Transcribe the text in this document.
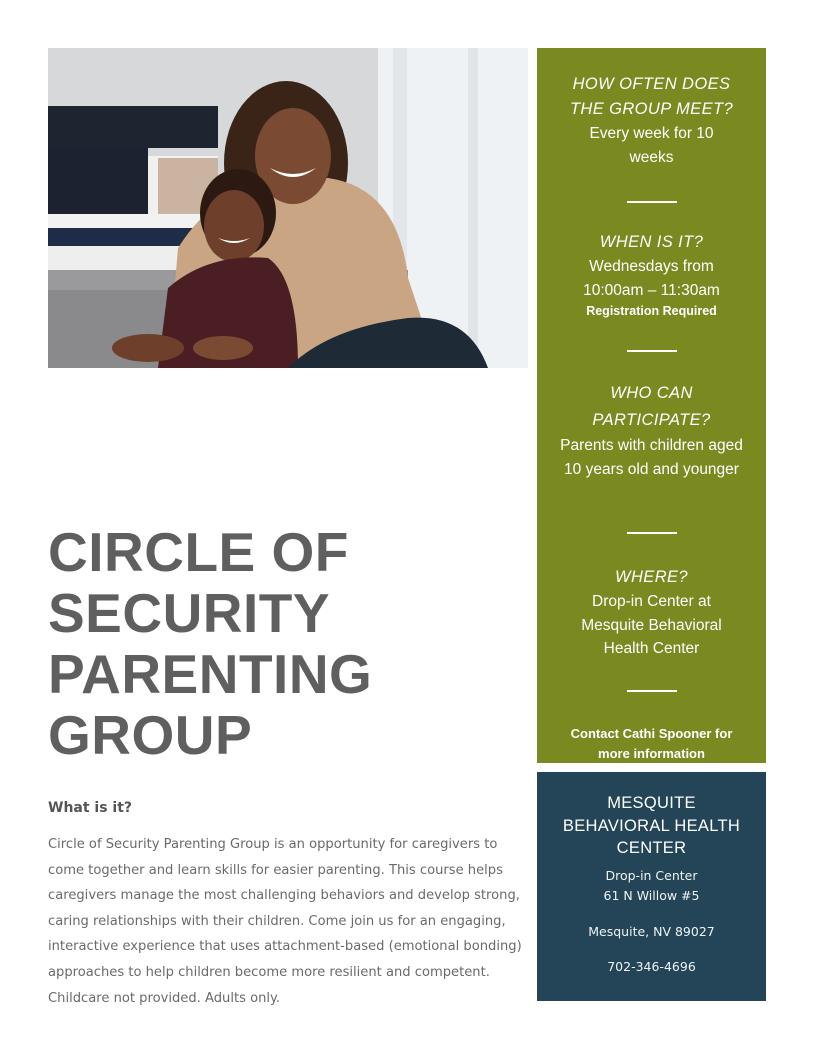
CIRCLE OF
SECURITY
PARENTING
GROUP
What is it?

Circle of Security Parenting Group is an opportunity for caregivers to come together and learn skills for easier parenting. This course helps caregivers manage the most challenging behaviors and develop strong, caring relationships with their children. Come join us for an engaging, interactive experience that uses attachment-based (emotional bonding) approaches to help children become more resilient and competent. Childcare not provided. Adults only.

HOW OFTEN DOES THE GROUP MEET?
Every week for 10 weeks
WHEN IS IT?
Wednesdays from 10:00am – 11:30am
Registration Required
WHO CAN PARTICIPATE?
Parents with children aged 10 years old and younger
WHERE?
Drop-in Center at Mesquite Behavioral Health Center
Contact Cathi Spooner for more information
MESQUITE BEHAVIORAL HEALTH CENTER
Drop-in Center
61 N Willow #5
Mesquite, NV 89027
702-346-4696
